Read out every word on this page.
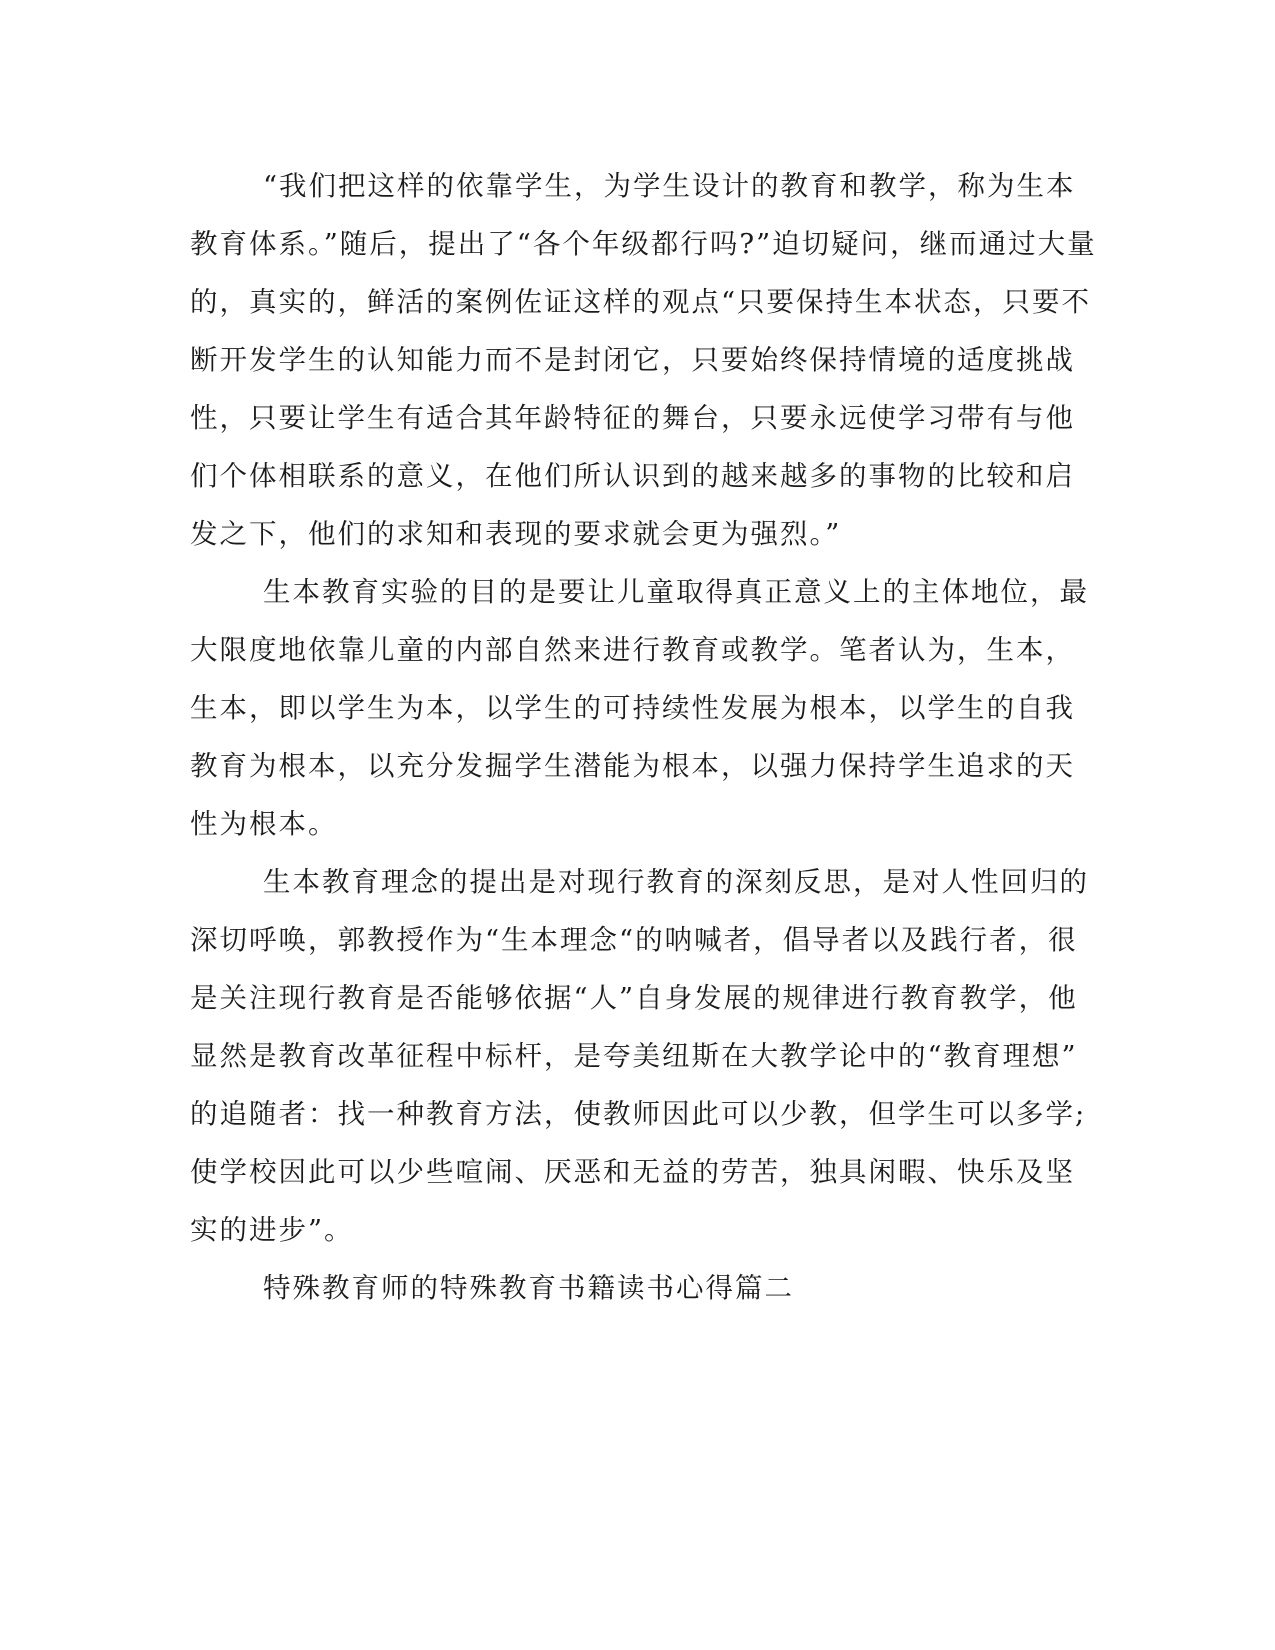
“我们把这样的依靠学生，为学生设计的教育和教学，称为生本

教育体系。”随后，提出了“各个年级都行吗?”迫切疑问，继而通过大量

的，真实的，鲜活的案例佐证这样的观点“只要保持生本状态，只要不

断开发学生的认知能力而不是封闭它，只要始终保持情境的适度挑战

性，只要让学生有适合其年龄特征的舞台，只要永远使学习带有与他

们个体相联系的意义，在他们所认识到的越来越多的事物的比较和启

发之下，他们的求知和表现的要求就会更为强烈。”

生本教育实验的目的是要让儿童取得真正意义上的主体地位，最

大限度地依靠儿童的内部自然来进行教育或教学。笔者认为，生本，

生本，即以学生为本，以学生的可持续性发展为根本，以学生的自我

教育为根本，以充分发掘学生潜能为根本，以强力保持学生追求的天

性为根本。

生本教育理念的提出是对现行教育的深刻反思，是对人性回归的

深切呼唤，郭教授作为“生本理念“的呐喊者，倡导者以及践行者，很

是关注现行教育是否能够依据“人”自身发展的规律进行教育教学，他

显然是教育改革征程中标杆，是夸美纽斯在大教学论中的“教育理想”

的追随者：找一种教育方法，使教师因此可以少教，但学生可以多学;

使学校因此可以少些喧闹、厌恶和无益的劳苦，独具闲暇、快乐及坚

实的进步”。

特殊教育师的特殊教育书籍读书心得篇二
